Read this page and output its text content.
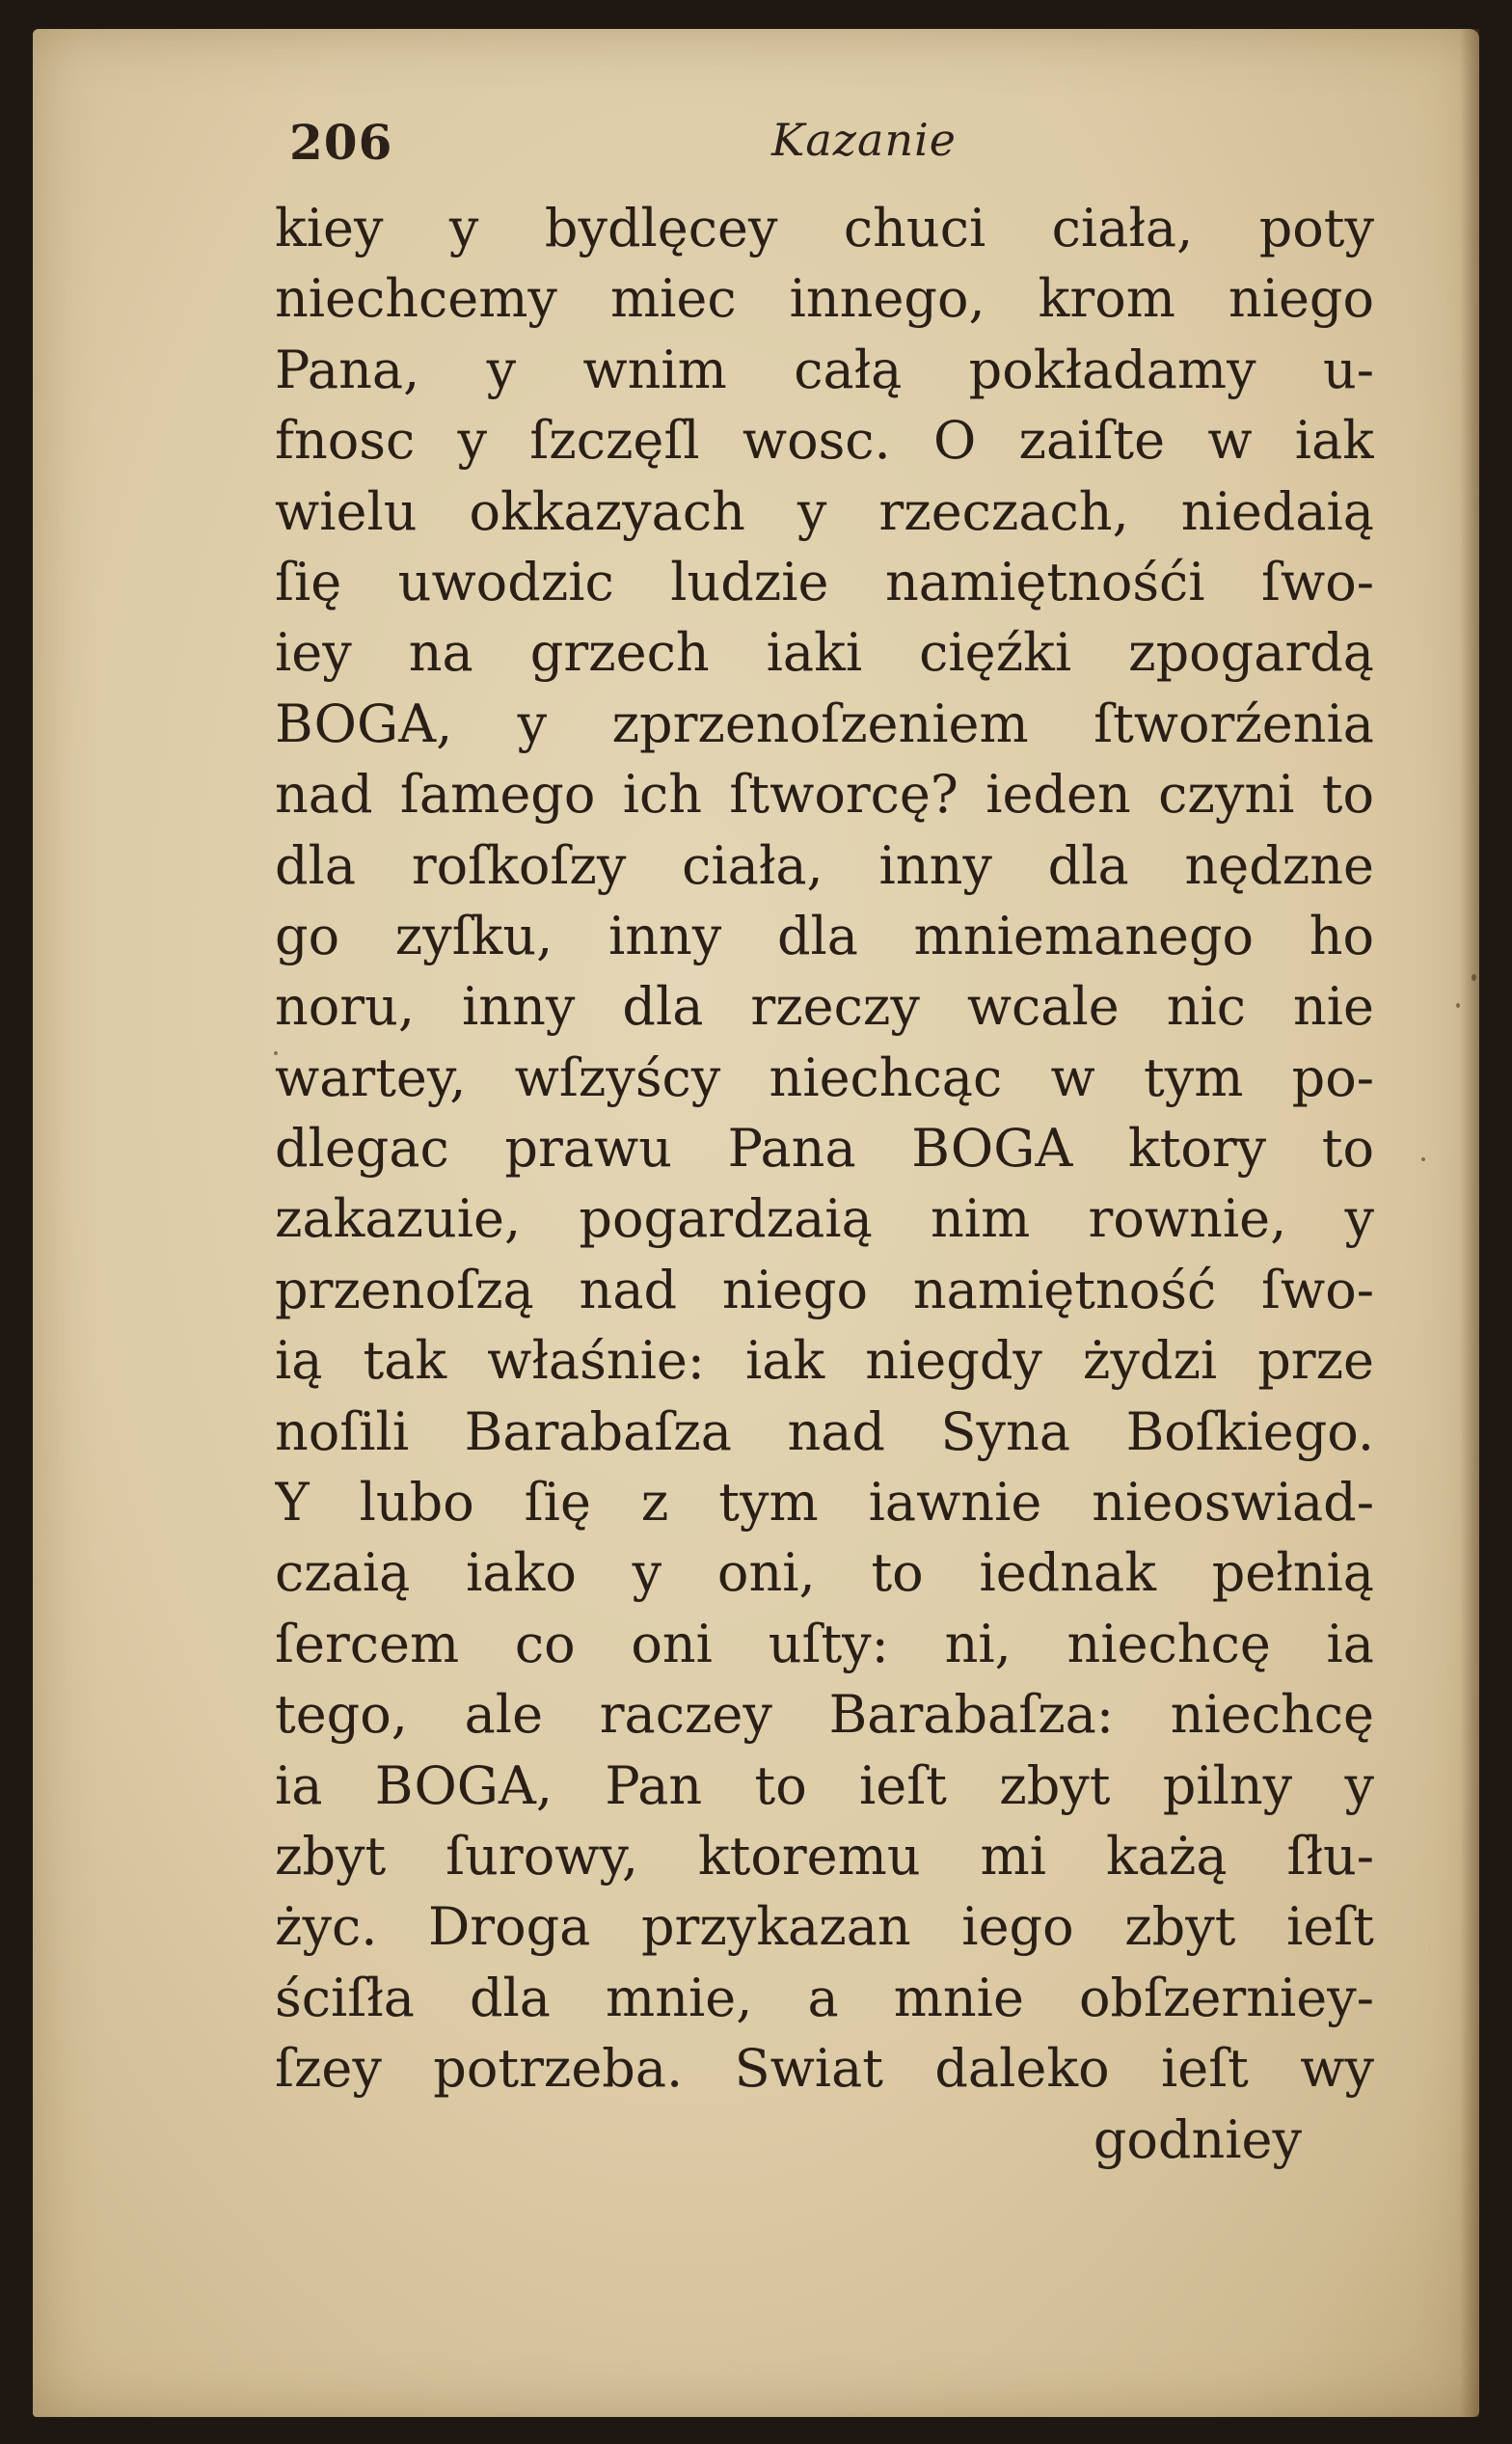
206	Kazanie
kiey y bydlęcey chuci ciała, poty
niechcemy miec innego, krom niego
Pana, y wnim całą pokładamy u-
fnosc y ſzczęſl wosc. O zaiſte w iak
wielu okkazyach y rzeczach, niedaią
ſię uwodzic ludzie namiętnośći ſwo-
iey na grzech iaki cięźki zpogardą
BOGA, y zprzenoſzeniem ſtworźenia
nad ſamego ich ſtworcę? ieden czyni to
dla roſkoſzy ciała, inny dla nędzne
go zyſku, inny dla mniemanego ho
noru, inny dla rzeczy wcale nic nie
wartey, wſzyścy niechcąc w tym po-
dlegac prawu Pana BOGA ktory to
zakazuie, pogardzaią nim rownie, y
przenoſzą nad niego namiętność ſwo-
ią tak właśnie: iak niegdy żydzi prze
noſili Barabaſza nad Syna Boſkiego.
Y lubo ſię z tym iawnie nieoswiad-
czaią iako y oni, to iednak pełnią
ſercem co oni uſty: ni, niechcę ia
tego, ale raczey Barabaſza: niechcę
ia BOGA, Pan to ieſt zbyt pilny y
zbyt ſurowy, ktoremu mi każą ſłu-
życ. Droga przykazan iego zbyt ieſt
ściſła dla mnie, a mnie obſzerniey-
ſzey potrzeba. Swiat daleko ieſt wy
godniey
